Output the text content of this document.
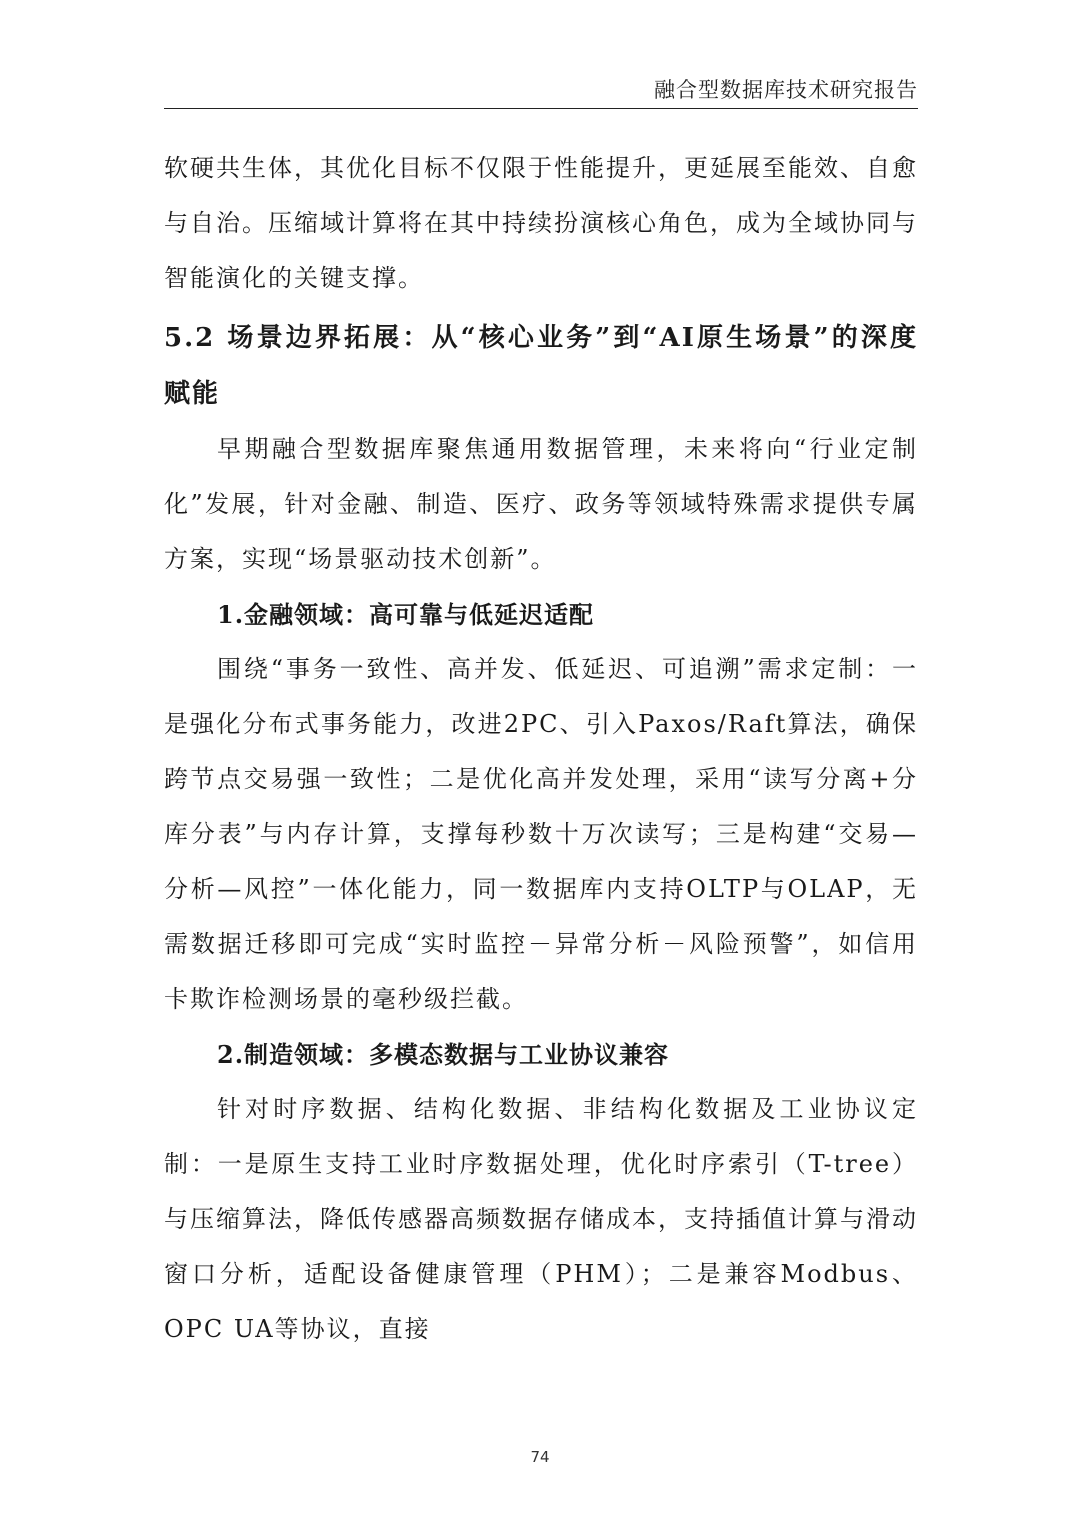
融合型数据库技术研究报告

软硬共生体，其优化目标不仅限于性能提升，更延展至能效、自愈与自治。压缩域计算将在其中持续扮演核心角色，成为全域协同与智能演化的关键支撑。

5.2 场景边界拓展：从“核心业务”到“AI原生场景”的深度赋能

早期融合型数据库聚焦通用数据管理，未来将向“行业定制化”发展，针对金融、制造、医疗、政务等领域特殊需求提供专属方案，实现“场景驱动技术创新”。

1.金融领域：高可靠与低延迟适配

围绕“事务一致性、高并发、低延迟、可追溯”需求定制：一是强化分布式事务能力，改进2PC、引入Paxos/Raft算法，确保跨节点交易强一致性；二是优化高并发处理，采用“读写分离+分库分表”与内存计算，支撑每秒数十万次读写；三是构建“交易—分析—风控”一体化能力，同一数据库内支持OLTP与OLAP，无需数据迁移即可完成“实时监控－异常分析－风险预警”，如信用卡欺诈检测场景的毫秒级拦截。

2.制造领域：多模态数据与工业协议兼容

针对时序数据、结构化数据、非结构化数据及工业协议定制：一是原生支持工业时序数据处理，优化时序索引（T-tree）与压缩算法，降低传感器高频数据存储成本，支持插值计算与滑动窗口分析，适配设备健康管理（PHM）；二是兼容Modbus、OPC UA等协议，直接

74
